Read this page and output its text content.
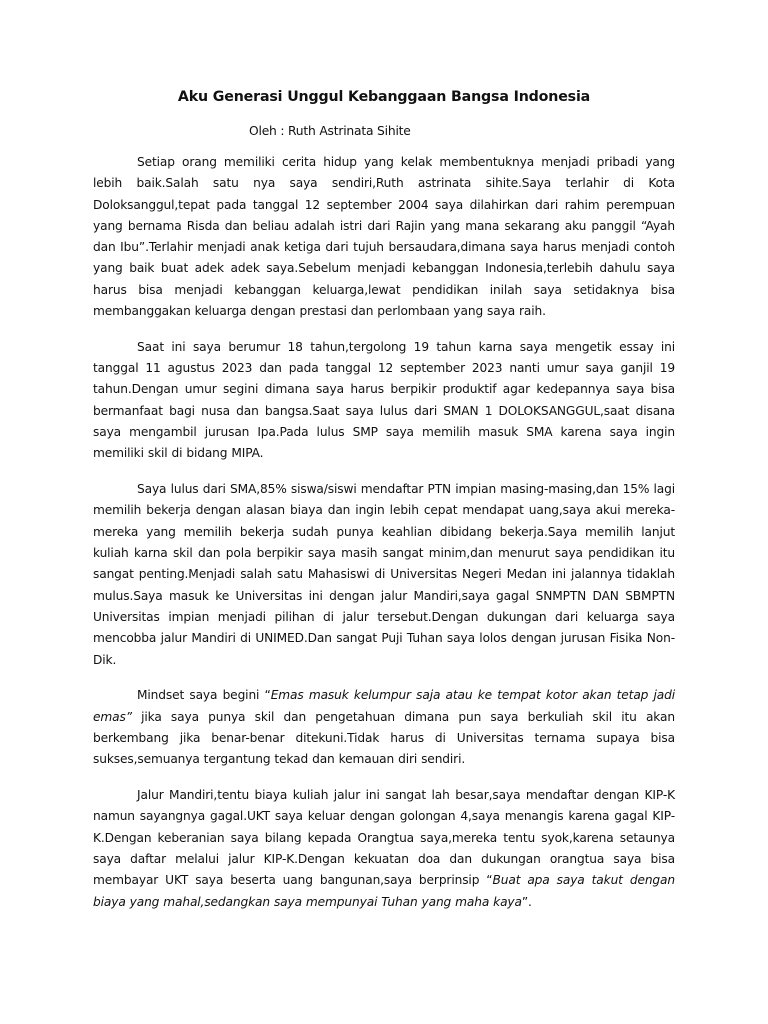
Aku Generasi Unggul Kebanggaan Bangsa Indonesia

Oleh : Ruth Astrinata Sihite

Setiap orang memiliki cerita hidup yang kelak membentuknya menjadi pribadi yang lebih baik.Salah satu nya saya sendiri,Ruth astrinata sihite.Saya terlahir di Kota Doloksanggul,tepat pada tanggal 12 september 2004 saya dilahirkan dari rahim perempuan yang bernama Risda dan beliau adalah istri dari Rajin yang mana sekarang aku panggil “Ayah dan Ibu”.Terlahir menjadi anak ketiga dari tujuh bersaudara,dimana saya harus menjadi contoh yang baik buat adek adek saya.Sebelum menjadi kebanggan Indonesia,terlebih dahulu saya harus bisa menjadi kebanggan keluarga,lewat pendidikan inilah saya setidaknya bisa membanggakan keluarga dengan prestasi dan perlombaan yang saya raih.

Saat ini saya berumur 18 tahun,tergolong 19 tahun karna saya mengetik essay ini tanggal 11 agustus 2023 dan pada tanggal 12 september 2023 nanti umur saya ganjil 19 tahun.Dengan umur segini dimana saya harus berpikir produktif agar kedepannya saya bisa bermanfaat bagi nusa dan bangsa.Saat saya lulus dari SMAN 1 DOLOKSANGGUL,saat disana saya mengambil jurusan Ipa.Pada lulus SMP saya memilih masuk SMA karena saya ingin memiliki skil di bidang MIPA.

Saya lulus dari SMA,85% siswa/siswi mendaftar PTN impian masing-masing,dan 15% lagi memilih bekerja dengan alasan biaya dan ingin lebih cepat mendapat uang,saya akui mereka-mereka yang memilih bekerja sudah punya keahlian dibidang bekerja.Saya memilih lanjut kuliah karna skil dan pola berpikir saya masih sangat minim,dan menurut saya pendidikan itu sangat penting.Menjadi salah satu Mahasiswi di Universitas Negeri Medan ini jalannya tidaklah mulus.Saya masuk ke Universitas ini dengan jalur Mandiri,saya gagal SNMPTN DAN SBMPTN Universitas impian menjadi pilihan di jalur tersebut.Dengan dukungan dari keluarga saya mencobba jalur Mandiri di UNIMED.Dan sangat Puji Tuhan saya lolos dengan jurusan Fisika Non-Dik.

Mindset saya begini “Emas masuk kelumpur saja atau ke tempat kotor akan tetap jadi emas” jika saya punya skil dan pengetahuan dimana pun saya berkuliah skil itu akan berkembang jika benar-benar ditekuni.Tidak harus di Universitas ternama supaya bisa sukses,semuanya tergantung tekad dan kemauan diri sendiri.

Jalur Mandiri,tentu biaya kuliah jalur ini sangat lah besar,saya mendaftar dengan KIP-K namun sayangnya gagal.UKT saya keluar dengan golongan 4,saya menangis karena gagal KIP-K.Dengan keberanian saya bilang kepada Orangtua saya,mereka tentu syok,karena setaunya saya daftar melalui jalur KIP-K.Dengan kekuatan doa dan dukungan orangtua saya bisa membayar UKT saya beserta uang bangunan,saya berprinsip “Buat apa saya takut dengan biaya yang mahal,sedangkan saya mempunyai Tuhan yang maha kaya”.
